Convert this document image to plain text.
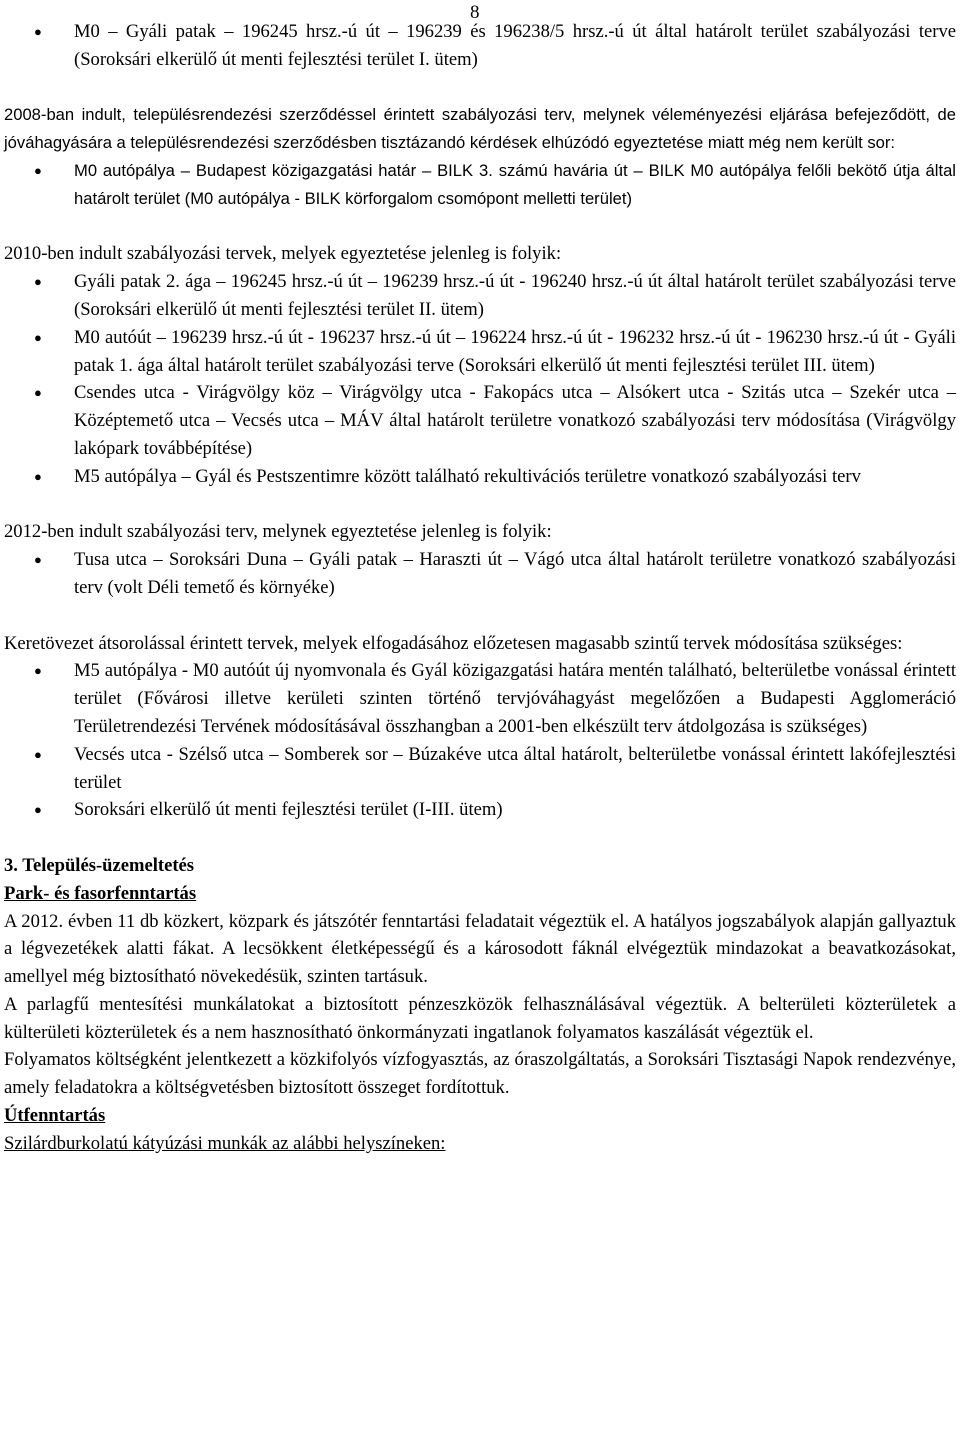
8
● M0 – Gyáli patak – 196245 hrsz.-ú út – 196239 és 196238/5 hrsz.-ú út által határolt terület szabályozási terve (Soroksári elkerülő út menti fejlesztési terület I. ütem)

2008-ban indult, településrendezési szerződéssel érintett szabályozási terv, melynek véleményezési eljárása befejeződött, de jóváhagyására a településrendezési szerződésben tisztázandó kérdések elhúzódó egyeztetése miatt még nem került sor:

● M0 autópálya – Budapest közigazgatási határ – BILK 3. számú havária út – BILK M0 autópálya felőli bekötő útja által határolt terület (M0 autópálya - BILK körforgalom csomópont melletti terület)

2010-ben indult szabályozási tervek, melyek egyeztetése jelenleg is folyik:

● Gyáli patak 2. ága – 196245 hrsz.-ú út – 196239 hrsz.-ú út - 196240 hrsz.-ú út által határolt terület szabályozási terve (Soroksári elkerülő út menti fejlesztési terület II. ütem)
● M0 autóút – 196239 hrsz.-ú út - 196237 hrsz.-ú út – 196224 hrsz.-ú út - 196232 hrsz.-ú út - 196230 hrsz.-ú út - Gyáli patak 1. ága által határolt terület szabályozási terve (Soroksári elkerülő út menti fejlesztési terület III. ütem)
● Csendes utca - Virágvölgy köz – Virágvölgy utca - Fakopács utca – Alsókert utca - Szitás utca – Szekér utca – Középtemető utca – Vecsés utca – MÁV által határolt területre vonatkozó szabályozási terv módosítása (Virágvölgy lakópark továbbépítése)
● M5 autópálya – Gyál és Pestszentimre között található rekultivációs területre vonatkozó szabályozási terv

2012-ben indult szabályozási terv, melynek egyeztetése jelenleg is folyik:

● Tusa utca – Soroksári Duna – Gyáli patak – Haraszti út – Vágó utca által határolt területre vonatkozó szabályozási terv (volt Déli temető és környéke)

Keretövezet átsorolással érintett tervek, melyek elfogadásához előzetesen magasabb szintű tervek módosítása szükséges:

● M5 autópálya - M0 autóút új nyomvonala és Gyál közigazgatási határa mentén található, belterületbe vonással érintett terület (Fővárosi illetve kerületi szinten történő tervjóváhagyást megelőzően a Budapesti Agglomeráció Területrendezési Tervének módosításával összhangban a 2001-ben elkészült terv átdolgozása is szükséges)
● Vecsés utca - Szélső utca – Somberek sor – Búzakéve utca által határolt, belterületbe vonással érintett lakófejlesztési terület
● Soroksári elkerülő út menti fejlesztési terület (I-III. ütem)

3. Település-üzemeltetés

Park- és fasorfenntartás

A 2012. évben 11 db közkert, közpark és játszótér fenntartási feladatait végeztük el. A hatályos jogszabályok alapján gallyaztuk a légvezetékek alatti fákat. A lecsökkent életképességű és a károsodott fáknál elvégeztük mindazokat a beavatkozásokat, amellyel még biztosítható növekedésük, szinten tartásuk.

A parlagfű mentesítési munkálatokat a biztosított pénzeszközök felhasználásával végeztük. A belterületi közterületek a külterületi közterületek és a nem hasznosítható önkormányzati ingatlanok folyamatos kaszálását végeztük el.

Folyamatos költségként jelentkezett a közkifolyós vízfogyasztás, az óraszolgáltatás, a Soroksári Tisztasági Napok rendezvénye, amely feladatokra a költségvetésben biztosított összeget fordítottuk.

Útfenntartás

Szilárdburkolatú kátyúzási munkák az alábbi helyszíneken:
